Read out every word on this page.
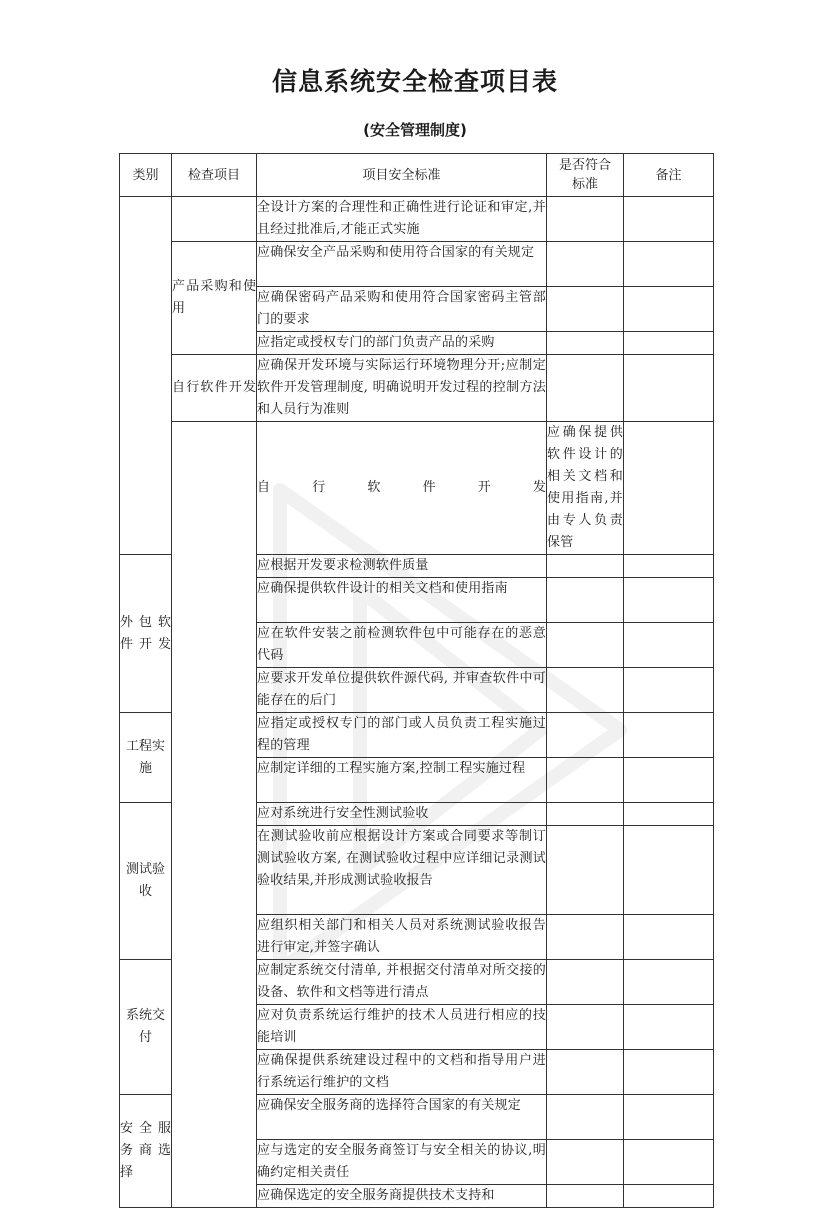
信息系统安全检查项目表
(安全管理制度)
类别	检查项目	项目安全标准	是否符合标准	备注	
		全设计方案的合理性和正确性进行论证和审定,并且经过批准后,才能正式实施			
	产品采购和使用	应确保安全产品采购和使用符合国家的有关规定			
		应确保密码产品采购和使用符合国家密码主管部门的要求			
		应指定或授权专门的部门负责产品的采购			
	自行软件开发	应确保开发环境与实际运行环境物理分开;应制定软件开发管理制度, 明确说明开发过程的控制方法和人员行为准则			
		自行软件开发	应确保提供软件设计的相关文档和使用指南,并由专人负责保管		
外包软件开发		应根据开发要求检测软件质量			
		应确保提供软件设计的相关文档和使用指南			
		应在软件安装之前检测软件包中可能存在的恶意代码			
		应要求开发单位提供软件源代码, 并审查软件中可能存在的后门			
工程实施		应指定或授权专门的部门或人员负责工程实施过程的管理			
		应制定详细的工程实施方案,控制工程实施过程			
测试验收		应对系统进行安全性测试验收			
		在测试验收前应根据设计方案或合同要求等制订测试验收方案, 在测试验收过程中应详细记录测试验收结果,并形成测试验收报告			
		应组织相关部门和相关人员对系统测试验收报告进行审定,并签字确认			
系统交付		应制定系统交付清单, 并根据交付清单对所交接的设备、软件和文档等进行清点			
		应对负责系统运行维护的技术人员进行相应的技能培训			
		应确保提供系统建设过程中的文档和指导用户进行系统运行维护的文档			
安全服务商选择		应确保安全服务商的选择符合国家的有关规定			
		应与选定的安全服务商签订与安全相关的协议,明确约定相关责任			
		应确保选定的安全服务商提供技术支持和			
